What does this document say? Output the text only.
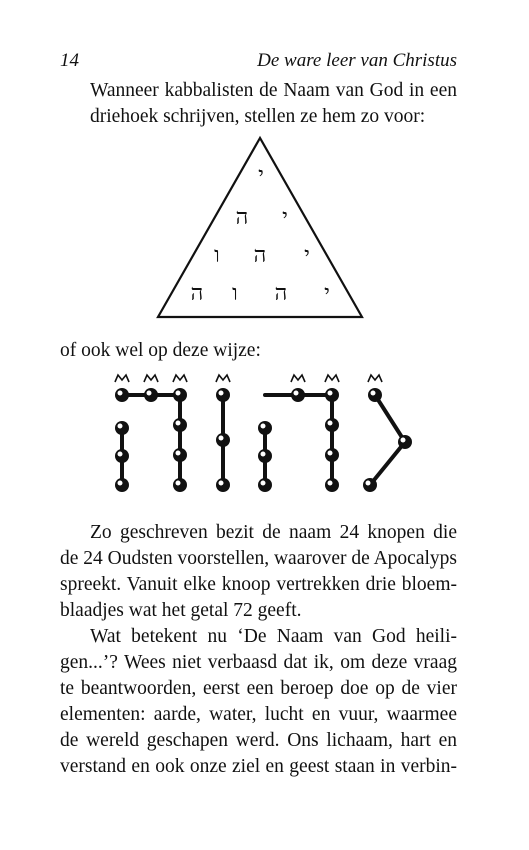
14	De ware leer van Christus
Wanneer kabbalisten de Naam van God in een
driehoek schrijven, stellen ze hem zo voor:
י
ה י
ו ה י
ה ו ה י
of ook wel op deze wijze:
Zo geschreven bezit de naam 24 knopen die
de 24 Oudsten voorstellen, waarover de Apocalyps
spreekt. Vanuit elke knoop vertrekken drie bloem-
blaadjes wat het getal 72 geeft.
Wat betekent nu ‘De Naam van God heili-
gen...’? Wees niet verbaasd dat ik, om deze vraag
te beantwoorden, eerst een beroep doe op de vier
elementen: aarde, water, lucht en vuur, waarmee
de wereld geschapen werd. Ons lichaam, hart en
verstand en ook onze ziel en geest staan in verbin-
